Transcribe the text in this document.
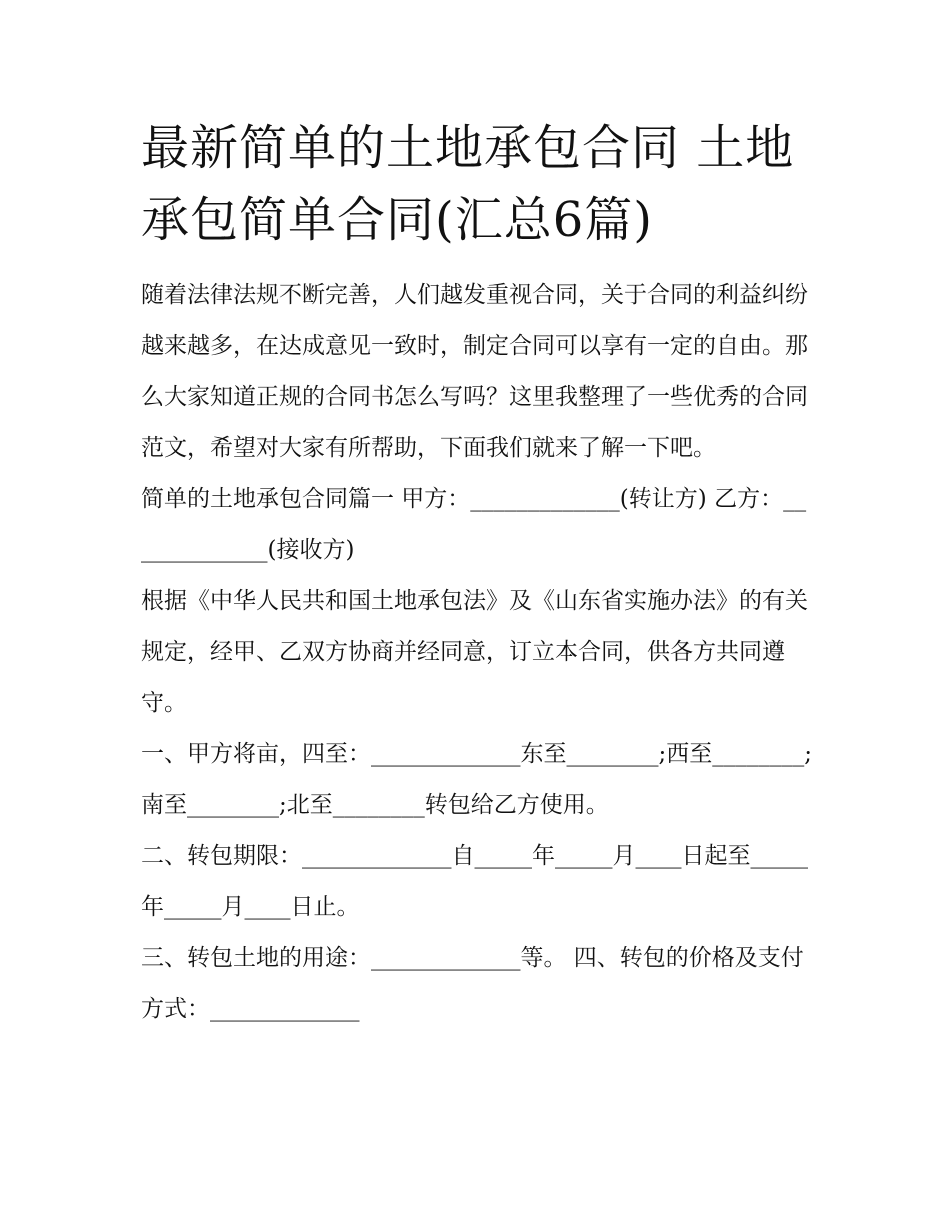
最新简单的土地承包合同 土地承包简单合同(汇总6篇)

随着法律法规不断完善，人们越发重视合同，关于合同的利益纠纷越来越多，在达成意见一致时，制定合同可以享有一定的自由。那么大家知道正规的合同书怎么写吗？这里我整理了一些优秀的合同范文，希望对大家有所帮助，下面我们就来了解一下吧。

简单的土地承包合同篇一 甲方：_____________(转让方) 乙方：_____________(接收方)

根据《中华人民共和国土地承包法》及《山东省实施办法》的有关规定，经甲、乙双方协商并经同意，订立本合同，供各方共同遵守。

一、甲方将亩，四至：_____________东至________;西至________;南至________;北至________转包给乙方使用。

二、转包期限：_____________自_____年_____月____日起至_____年_____月____日止。

三、转包土地的用途：_____________等。 四、转包的价格及支付方式：_____________
